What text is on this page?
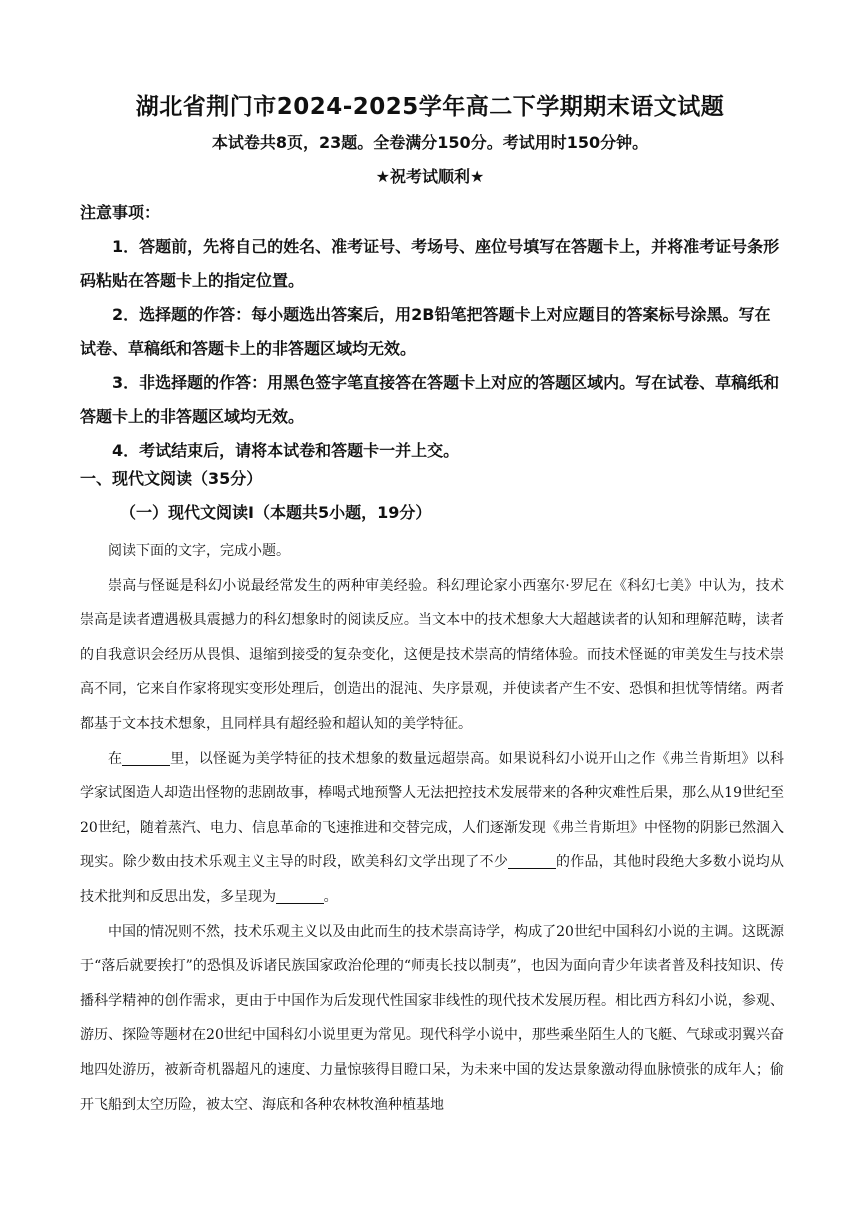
湖北省荆门市2024-2025学年高二下学期期末语文试题
本试卷共8页，23题。全卷满分150分。考试用时150分钟。
★祝考试顺利★
注意事项：

1．答题前，先将自己的姓名、准考证号、考场号、座位号填写在答题卡上，并将准考证号条形码粘贴在答题卡上的指定位置。

2．选择题的作答：每小题选出答案后，用2B铅笔把答题卡上对应题目的答案标号涂黑。写在试卷、草稿纸和答题卡上的非答题区域均无效。

3．非选择题的作答：用黑色签字笔直接答在答题卡上对应的答题区域内。写在试卷、草稿纸和答题卡上的非答题区域均无效。

4．考试结束后，请将本试卷和答题卡一并上交。

一、现代文阅读（35分）
（一）现代文阅读Ⅰ（本题共5小题，19分）

阅读下面的文字，完成小题。

崇高与怪诞是科幻小说最经常发生的两种审美经验。科幻理论家小西塞尔·罗尼在《科幻七美》中认为，技术崇高是读者遭遇极具震撼力的科幻想象时的阅读反应。当文本中的技术想象大大超越读者的认知和理解范畴，读者的自我意识会经历从畏惧、退缩到接受的复杂变化，这便是技术崇高的情绪体验。而技术怪诞的审美发生与技术崇高不同，它来自作家将现实变形处理后，创造出的混沌、失序景观，并使读者产生不安、恐惧和担忧等情绪。两者都基于文本技术想象，且同样具有超经验和超认知的美学特征。

在	里，以怪诞为美学特征的技术想象的数量远超崇高。如果说科幻小说开山之作《弗兰肯斯坦》以科学家试图造人却造出怪物的悲剧故事，棒喝式地预警人无法把控技术发展带来的各种灾难性后果，那么从19世纪至20世纪，随着蒸汽、电力、信息革命的飞速推进和交替完成，人们逐渐发现《弗兰肯斯坦》中怪物的阴影已然涸入现实。除少数由技术乐观主义主导的时段，欧美科幻文学出现了不少	的作品，其他时段绝大多数小说均从技术批判和反思出发，多呈现为	。

中国的情况则不然，技术乐观主义以及由此而生的技术崇高诗学，构成了20世纪中国科幻小说的主调。这既源于“落后就要挨打”的恐惧及诉诸民族国家政治伦理的“师夷长技以制夷”，也因为面向青少年读者普及科技知识、传播科学精神的创作需求，更由于中国作为后发现代性国家非线性的现代技术发展历程。相比西方科幻小说，参观、游历、探险等题材在20世纪中国科幻小说里更为常见。现代科学小说中，那些乘坐陌生人的飞艇、气球或羽翼兴奋地四处游历，被新奇机器超凡的速度、力量惊骇得目瞪口呆，为未来中国的发达景象激动得血脉愤张的成年人；偷开飞船到太空历险，被太空、海底和各种农林牧渔种植基地
